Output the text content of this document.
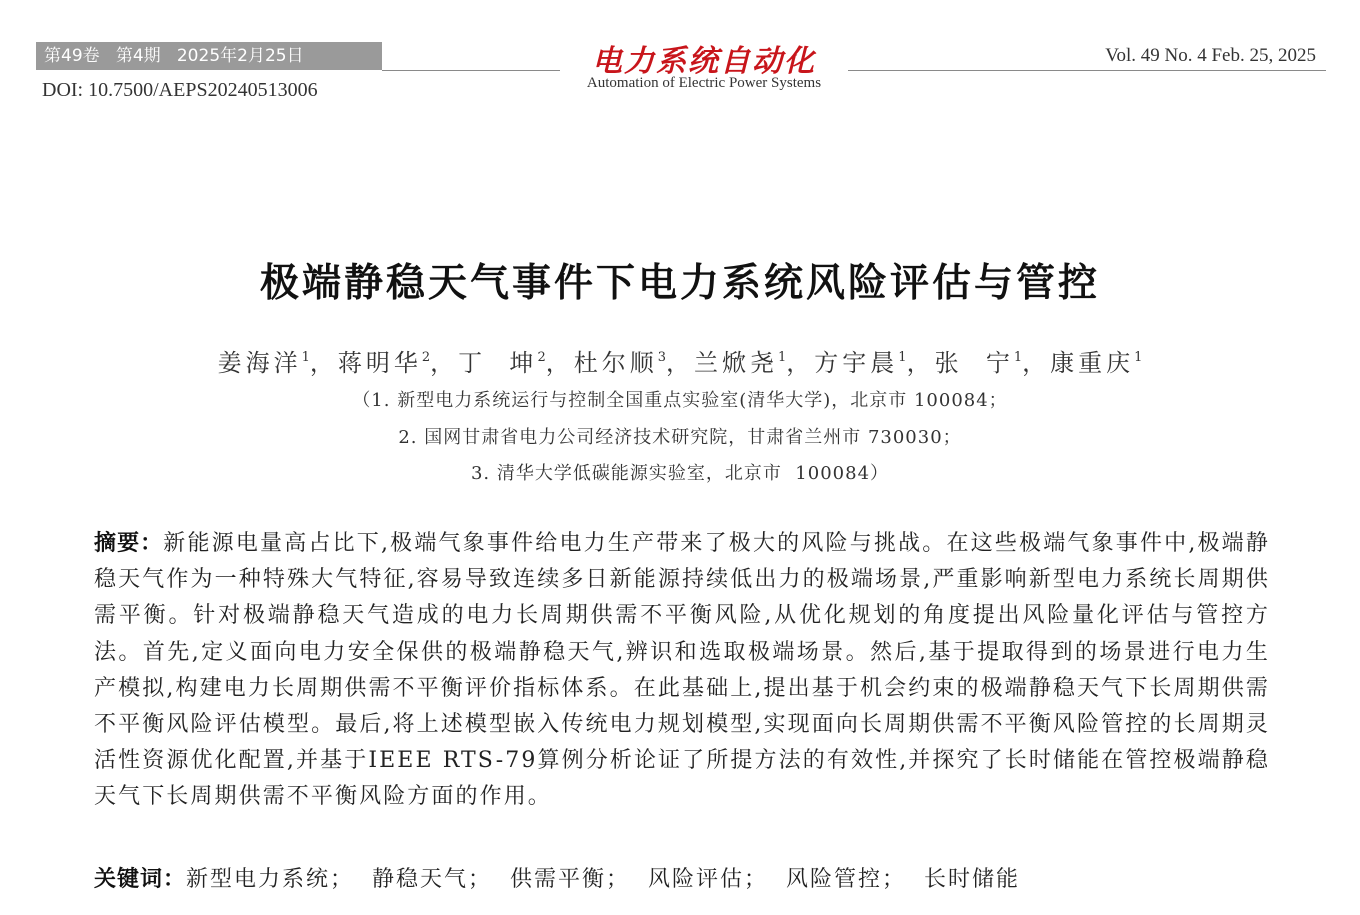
第49卷   第4期   2025年2月25日	电力系统自动化
Automation of Electric Power Systems
Vol. 49 No. 4 Feb. 25, 2025
DOI: 10.7500/AEPS20240513006
极端静稳天气事件下电力系统风险评估与管控
姜海洋$^1$，蒋明华$^2$，丁  坤$^2$，杜尔顺$^3$，兰焮尧$^1$，方宇晨$^1$，张  宁$^1$，康重庆$^1$
（1. 新型电力系统运行与控制全国重点实验室(清华大学)，北京市 100084；
2. 国网甘肃省电力公司经济技术研究院，甘肃省兰州市 730030；
3. 清华大学低碳能源实验室，北京市  100084）
摘要：新能源电量高占比下,极端气象事件给电力生产带来了极大的风险与挑战。在这些极端气象事件中,极端静稳天气作为一种特殊大气特征,容易导致连续多日新能源持续低出力的极端场景,严重影响新型电力系统长周期供需平衡。针对极端静稳天气造成的电力长周期供需不平衡风险,从优化规划的角度提出风险量化评估与管控方法。首先,定义面向电力安全保供的极端静稳天气,辨识和选取极端场景。然后,基于提取得到的场景进行电力生产模拟,构建电力长周期供需不平衡评价指标体系。在此基础上,提出基于机会约束的极端静稳天气下长周期供需不平衡风险评估模型。最后,将上述模型嵌入传统电力规划模型,实现面向长周期供需不平衡风险管控的长周期灵活性资源优化配置,并基于IEEE RTS-79算例分析论证了所提方法的有效性,并探究了长时储能在管控极端静稳天气下长周期供需不平衡风险方面的作用。
关键词：新型电力系统；  静稳天气；  供需平衡；  风险评估；  风险管控；  长时储能
